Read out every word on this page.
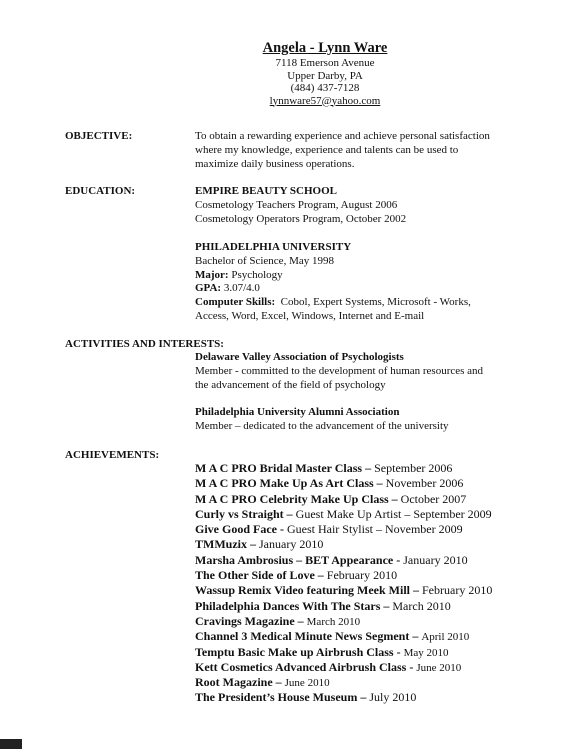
Angela - Lynn Ware
7118 Emerson Avenue
Upper Darby, PA
(484) 437-7128
lynnware57@yahoo.com
OBJECTIVE:	To obtain a rewarding experience and achieve personal satisfaction
where my knowledge, experience and talents can be used to
maximize daily business operations.
EDUCATION:	EMPIRE BEAUTY SCHOOL
Cosmetology Teachers Program, August 2006
Cosmetology Operators Program, October 2002
PHILADELPHIA UNIVERSITY
Bachelor of Science, May 1998
Major: Psychology
GPA: 3.07/4.0
Computer Skills: Cobol, Expert Systems, Microsoft - Works,
Access, Word, Excel, Windows, Internet and E-mail
ACTIVITIES AND INTERESTS:
Delaware Valley Association of Psychologists
Member - committed to the development of human resources and
the advancement of the field of psychology
Philadelphia University Alumni Association
Member – dedicated to the advancement of the university
ACHIEVEMENTS:
M A C PRO Bridal Master Class – September 2006
M A C PRO Make Up As Art Class – November 2006
M A C PRO Celebrity Make Up Class – October 2007
Curly vs Straight – Guest Make Up Artist – September 2009
Give Good Face - Guest Hair Stylist – November 2009
TMMuzix – January 2010
Marsha Ambrosius – BET Appearance - January 2010
The Other Side of Love – February 2010
Wassup Remix Video featuring Meek Mill – February 2010
Philadelphia Dances With The Stars – March 2010
Cravings Magazine – March 2010
Channel 3 Medical Minute News Segment – April 2010
Temptu Basic Make up Airbrush Class - May 2010
Kett Cosmetics Advanced Airbrush Class - June 2010
Root Magazine – June 2010
The President’s House Museum – July 2010
